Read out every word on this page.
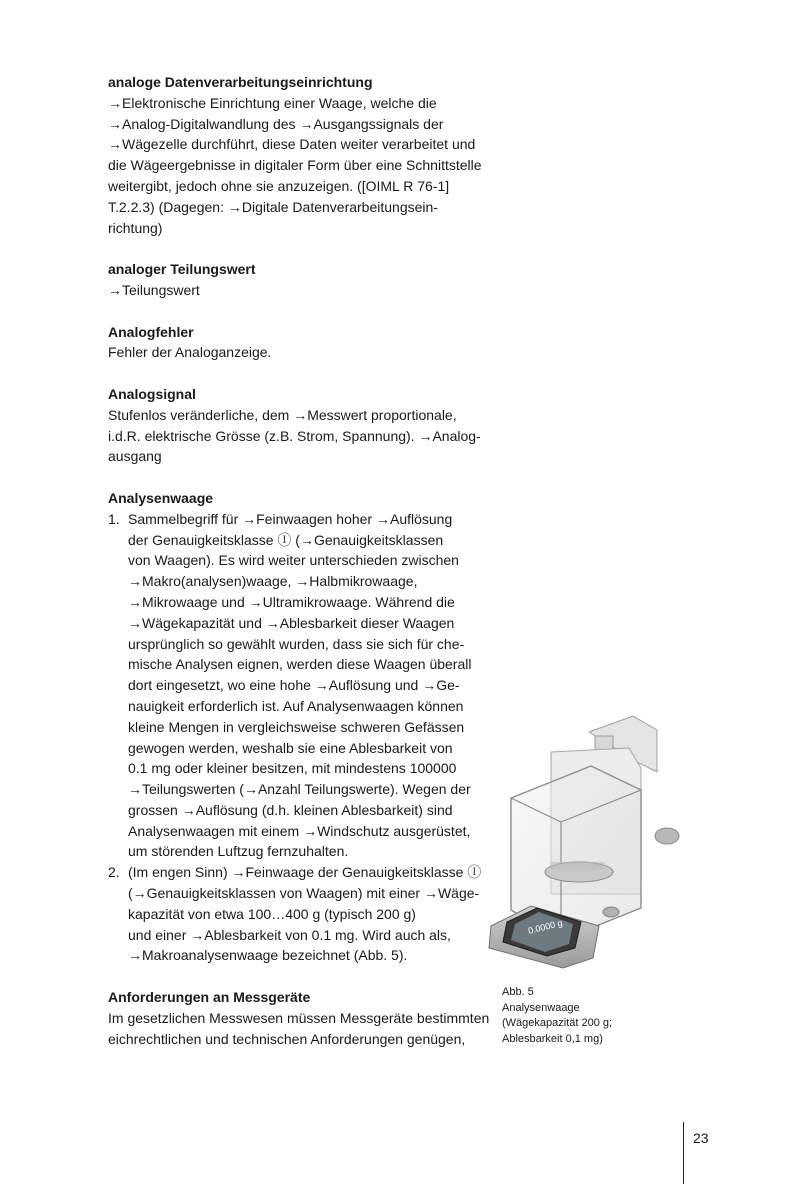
analoge Datenverarbeitungseinrichtung
→Elektronische Einrichtung einer Waage, welche die
→Analog-Digitalwandlung des →Ausgangssignals der
→Wägezelle durchführt, diese Daten weiter verarbeitet und
die Wägeergebnisse in digitaler Form über eine Schnittstelle
weitergibt, jedoch ohne sie anzuzeigen. ([OIML R 76-1]
T.2.2.3) (Dagegen: →Digitale Datenverarbeitungsein-
richtung)
analoger Teilungswert
→Teilungswert
Analogfehler
Fehler der Analoganzeige.
Analogsignal
Stufenlos veränderliche, dem →Messwert proportionale,
i.d.R. elektrische Grösse (z.B. Strom, Spannung). →Analog-
ausgang
Analysenwaage
1. Sammelbegriff für →Feinwaagen hoher →Auflösung
der Genauigkeitsklasse Ⓘ (→Genauigkeitsklassen
von Waagen). Es wird weiter unterschieden zwischen
→Makro(analysen)waage, →Halbmikrowaage,
→Mikrowaage und →Ultramikrowaage. Während die
→Wägekapazität und →Ablesbarkeit dieser Waagen
ursprünglich so gewählt wurden, dass sie sich für che-
mische Analysen eignen, werden diese Waagen überall
dort eingesetzt, wo eine hohe →Auflösung und →Ge-
nauigkeit erforderlich ist. Auf Analysenwaagen können
kleine Mengen in vergleichsweise schweren Gefässen
gewogen werden, weshalb sie eine Ablesbarkeit von
0.1 mg oder kleiner besitzen, mit mindestens 100000
→Teilungswerten (→Anzahl Teilungswerte). Wegen der
grossen →Auflösung (d.h. kleinen Ablesbarkeit) sind
Analysenwaagen mit einem →Windschutz ausgerüstet,
um störenden Luftzug fernzuhalten.
2. (Im engen Sinn) →Feinwaage der Genauigkeitsklasse Ⓘ
(→Genauigkeitsklassen von Waagen) mit einer →Wäge-
kapazität von etwa 100…400 g (typisch 200 g)
und einer →Ablesbarkeit von 0.1 mg. Wird auch als,
→Makroanalysenwaage bezeichnet (Abb. 5).
Anforderungen an Messgeräte
Im gesetzlichen Messwesen müssen Messgeräte bestimmten
eichrechtlichen und technischen Anforderungen genügen,
0.0000 g
Abb. 5
Analysenwaage
(Wägekapazität 200 g;
Ablesbarkeit 0,1 mg)
23
